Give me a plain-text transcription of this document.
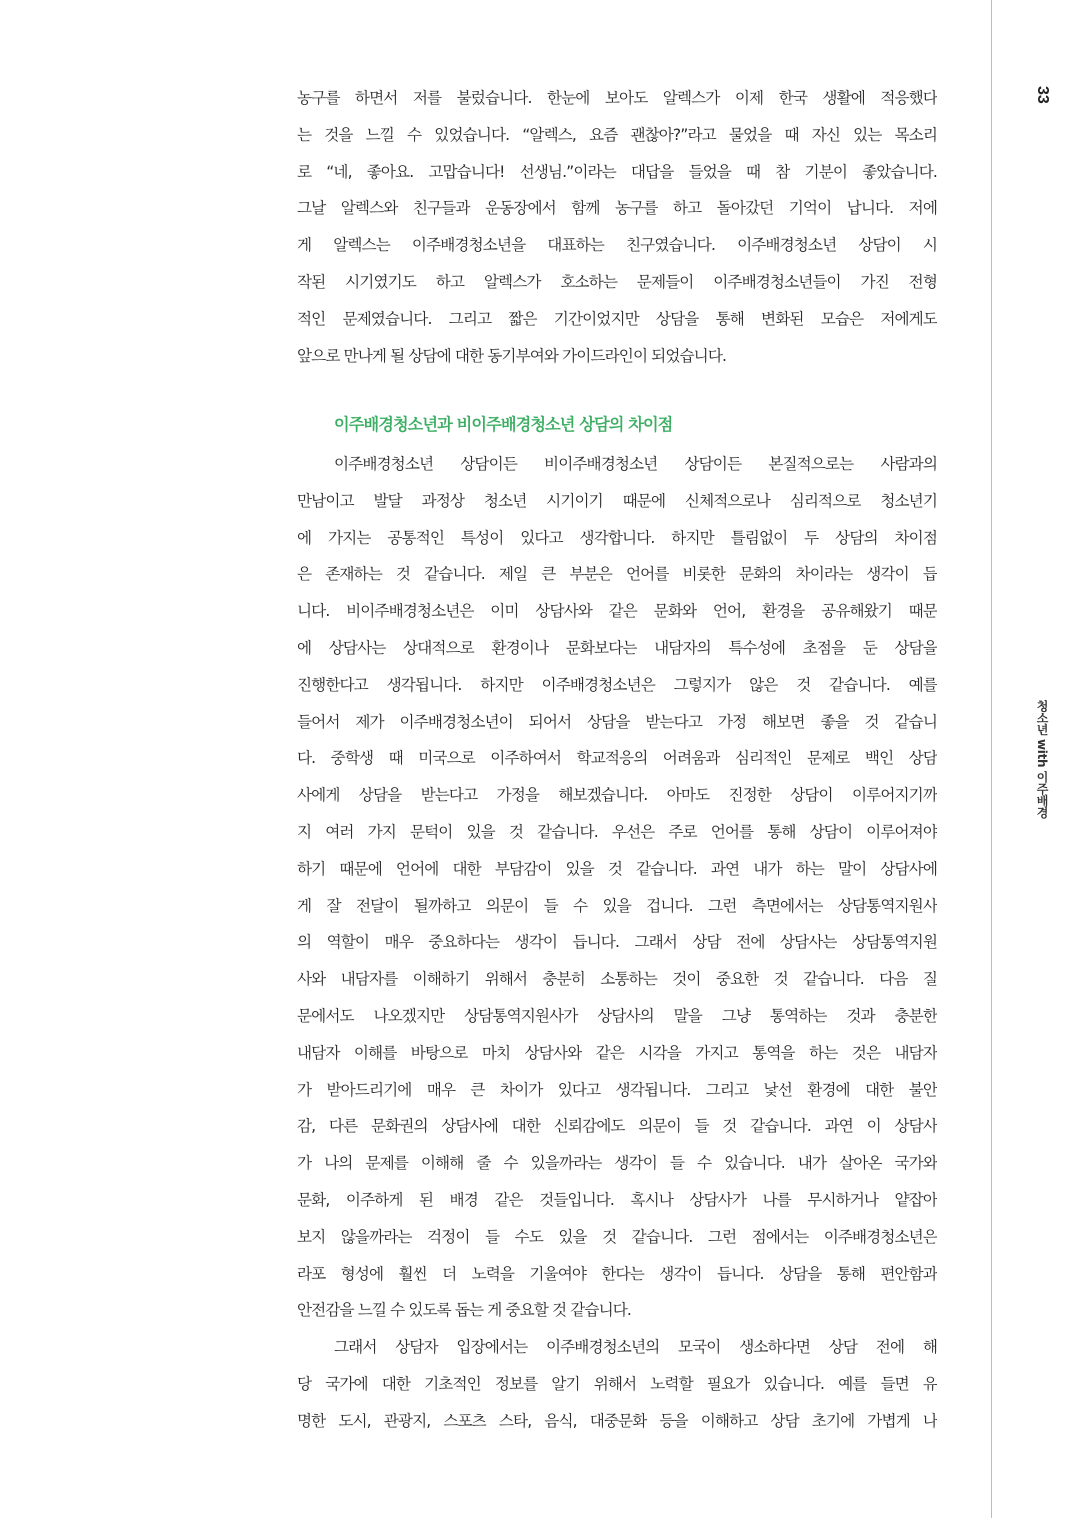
33
청소년 with 이주배경
농구를 하면서 저를 불렀습니다. 한눈에 보아도 알렉스가 이제 한국 생활에 적응했다
는 것을 느낄 수 있었습니다. “알렉스, 요즘 괜찮아?”라고 물었을 때 자신 있는 목소리
로 “네, 좋아요. 고맙습니다! 선생님.”이라는 대답을 들었을 때 참 기분이 좋았습니다.
그날 알렉스와 친구들과 운동장에서 함께 농구를 하고 돌아갔던 기억이 납니다. 저에
게 알렉스는 이주배경청소년을 대표하는 친구였습니다. 이주배경청소년 상담이 시
작된 시기였기도 하고 알렉스가 호소하는 문제들이 이주배경청소년들이 가진 전형
적인 문제였습니다. 그리고 짧은 기간이었지만 상담을 통해 변화된 모습은 저에게도
앞으로 만나게 될 상담에 대한 동기부여와 가이드라인이 되었습니다.
이주배경청소년과 비이주배경청소년 상담의 차이점
이주배경청소년 상담이든 비이주배경청소년 상담이든 본질적으로는 사람과의
만남이고 발달 과정상 청소년 시기이기 때문에 신체적으로나 심리적으로 청소년기
에 가지는 공통적인 특성이 있다고 생각합니다. 하지만 틀림없이 두 상담의 차이점
은 존재하는 것 같습니다. 제일 큰 부분은 언어를 비롯한 문화의 차이라는 생각이 듭
니다. 비이주배경청소년은 이미 상담사와 같은 문화와 언어, 환경을 공유해왔기 때문
에 상담사는 상대적으로 환경이나 문화보다는 내담자의 특수성에 초점을 둔 상담을
진행한다고 생각됩니다. 하지만 이주배경청소년은 그렇지가 않은 것 같습니다. 예를
들어서 제가 이주배경청소년이 되어서 상담을 받는다고 가정 해보면 좋을 것 같습니
다. 중학생 때 미국으로 이주하여서 학교적응의 어려움과 심리적인 문제로 백인 상담
사에게 상담을 받는다고 가정을 해보겠습니다. 아마도 진정한 상담이 이루어지기까
지 여러 가지 문턱이 있을 것 같습니다. 우선은 주로 언어를 통해 상담이 이루어져야
하기 때문에 언어에 대한 부담감이 있을 것 같습니다. 과연 내가 하는 말이 상담사에
게 잘 전달이 될까하고 의문이 들 수 있을 겁니다. 그런 측면에서는 상담통역지원사
의 역할이 매우 중요하다는 생각이 듭니다. 그래서 상담 전에 상담사는 상담통역지원
사와 내담자를 이해하기 위해서 충분히 소통하는 것이 중요한 것 같습니다. 다음 질
문에서도 나오겠지만 상담통역지원사가 상담사의 말을 그냥 통역하는 것과 충분한
내담자 이해를 바탕으로 마치 상담사와 같은 시각을 가지고 통역을 하는 것은 내담자
가 받아드리기에 매우 큰 차이가 있다고 생각됩니다. 그리고 낯선 환경에 대한 불안
감, 다른 문화권의 상담사에 대한 신뢰감에도 의문이 들 것 같습니다. 과연 이 상담사
가 나의 문제를 이해해 줄 수 있을까라는 생각이 들 수 있습니다. 내가 살아온 국가와
문화, 이주하게 된 배경 같은 것들입니다. 혹시나 상담사가 나를 무시하거나 얕잡아
보지 않을까라는 걱정이 들 수도 있을 것 같습니다. 그런 점에서는 이주배경청소년은
라포 형성에 훨씬 더 노력을 기울여야 한다는 생각이 듭니다. 상담을 통해 편안함과
안전감을 느낄 수 있도록 돕는 게 중요할 것 같습니다.
그래서 상담자 입장에서는 이주배경청소년의 모국이 생소하다면 상담 전에 해
당 국가에 대한 기초적인 정보를 알기 위해서 노력할 필요가 있습니다. 예를 들면 유
명한 도시, 관광지, 스포츠 스타, 음식, 대중문화 등을 이해하고 상담 초기에 가볍게 나
